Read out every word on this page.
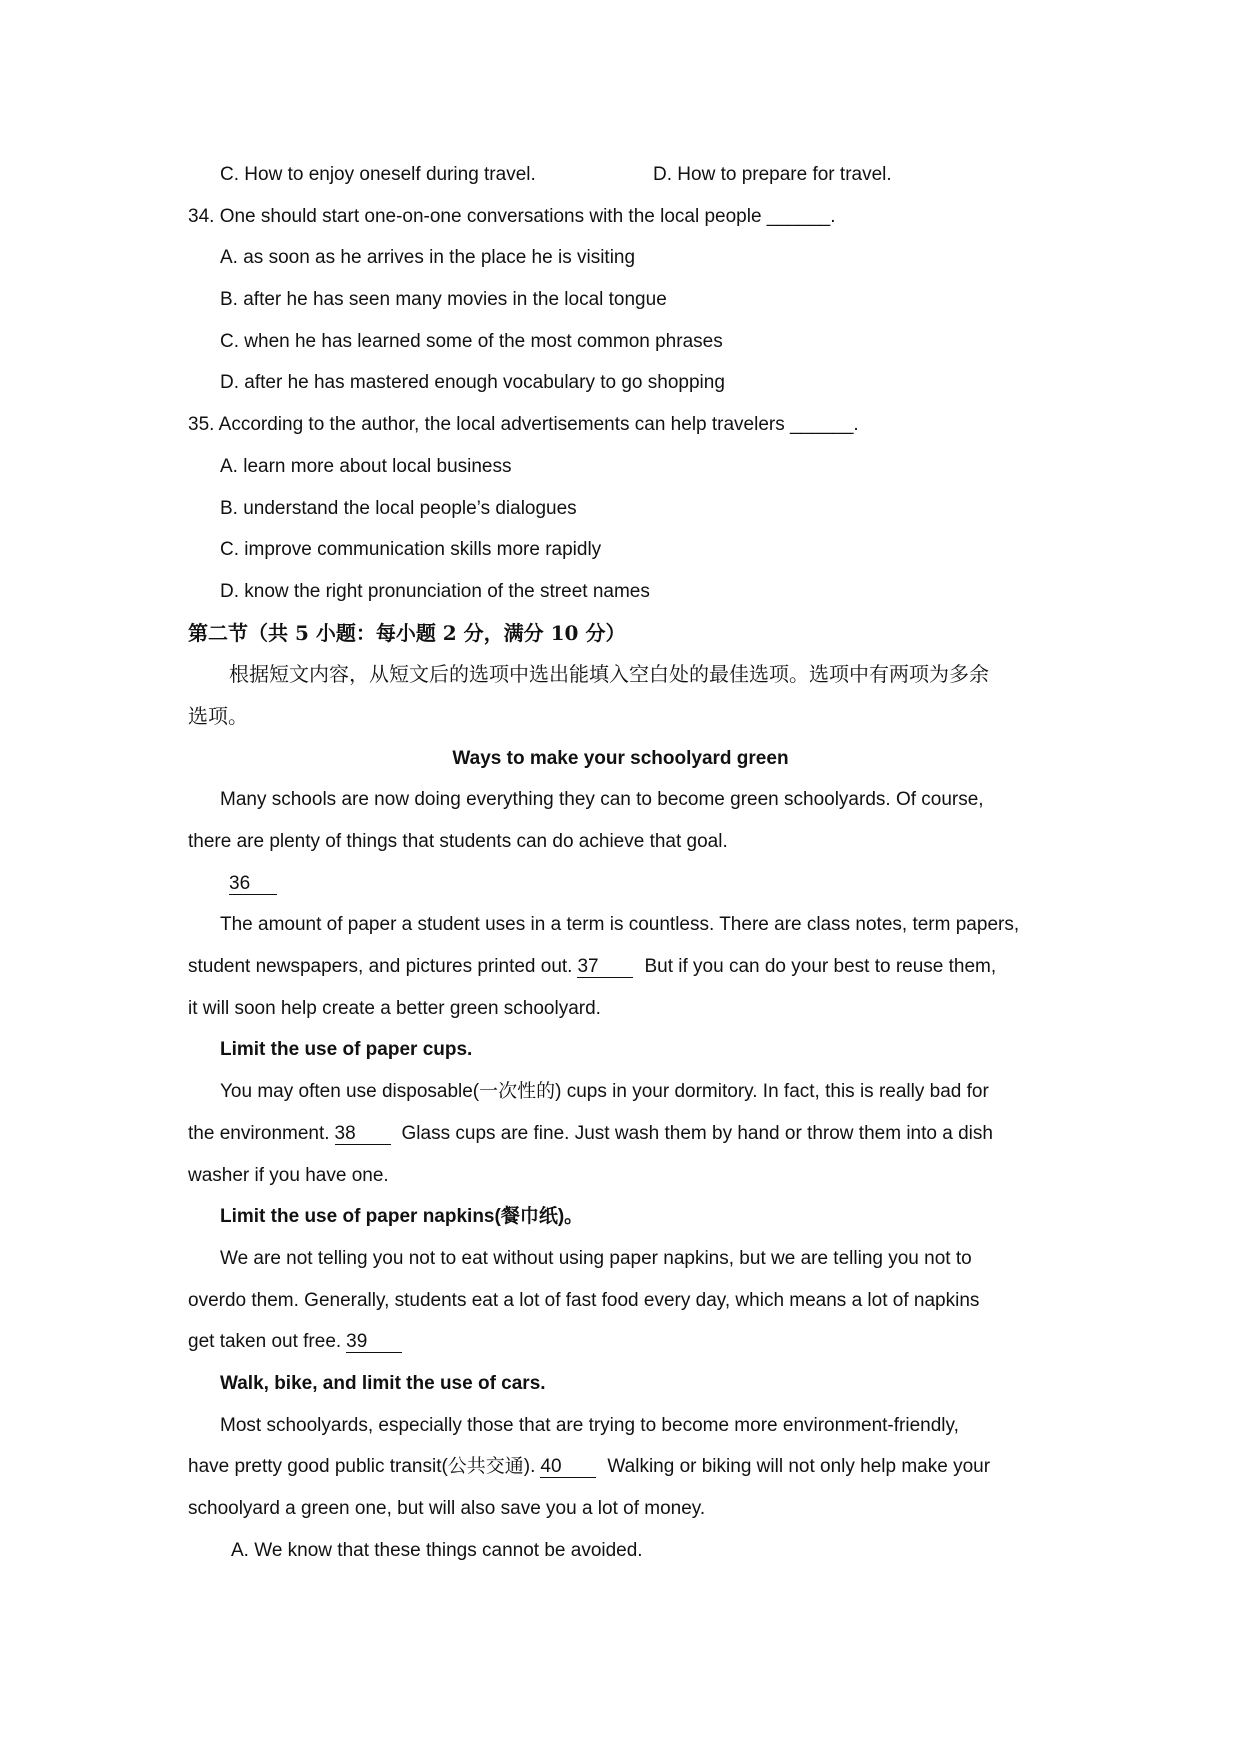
C. How to enjoy oneself during travel.	D. How to prepare for travel.
34. One should start one-on-one conversations with the local people ______.
A. as soon as he arrives in the place he is visiting
B. after he has seen many movies in the local tongue
C. when he has learned some of the most common phrases
D. after he has mastered enough vocabulary to go shopping
35. According to the author, the local advertisements can help travelers ______.
A. learn more about local business
B. understand the local people’s dialogues
C. improve communication skills more rapidly
D. know the right pronunciation of the street names
第二节（共 5 小题：每小题 2 分，满分 10 分）
根据短文内容，从短文后的选项中选出能填入空白处的最佳选项。选项中有两项为多余
选项。
Ways to make your schoolyard green
Many schools are now doing everything they can to become green schoolyards. Of course,
there are plenty of things that students can do achieve that goal.
36
The amount of paper a student uses in a term is countless. There are class notes, term papers,
student newspapers, and pictures printed out. 37 But if you can do your best to reuse them,
it will soon help create a better green schoolyard.
Limit the use of paper cups.
You may often use disposable(一次性的) cups in your dormitory. In fact, this is really bad for
the environment. 38 Glass cups are fine. Just wash them by hand or throw them into a dish
washer if you have one.
Limit the use of paper napkins(餐巾纸)。
We are not telling you not to eat without using paper napkins, but we are telling you not to
overdo them. Generally, students eat a lot of fast food every day, which means a lot of napkins
get taken out free. 39
Walk, bike, and limit the use of cars.
Most schoolyards, especially those that are trying to become more environment-friendly,
have pretty good public transit(公共交通). 40 Walking or biking will not only help make your
schoolyard a green one, but will also save you a lot of money.
A. We know that these things cannot be avoided.
